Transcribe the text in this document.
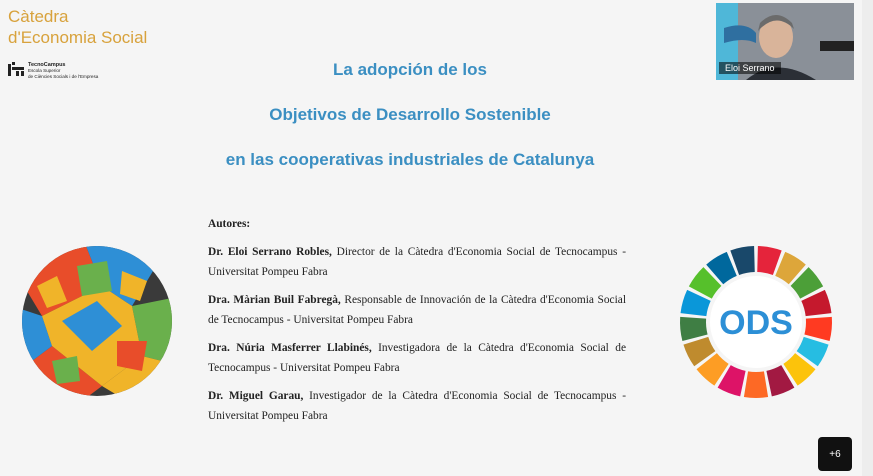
Càtedra
d'Economia Social
TecnoCampus
Escola Superior
de Ciències Socials i de l'Empresa	La adopción de los
Objetivos de Desarrollo Sostenible
en las cooperativas industriales de Catalunya
Autores:
Dr. Eloi Serrano Robles, Director de la Càtedra d'Economia Social de Tecnocampus - Universitat Pompeu Fabra
Dra. Màrian Buil Fabregà, Responsable de Innovación de la Càtedra d'Economia Social de Tecnocampus - Universitat Pompeu Fabra
Dra. Núria Masferrer Llabinés, Investigadora de la Càtedra d'Economia Social de Tecnocampus - Universitat Pompeu Fabra
Dr. Miguel Garau, Investigador de la Càtedra d'Economia Social de Tecnocampus - Universitat Pompeu Fabra
ODS
Eloi Serrano
+6
